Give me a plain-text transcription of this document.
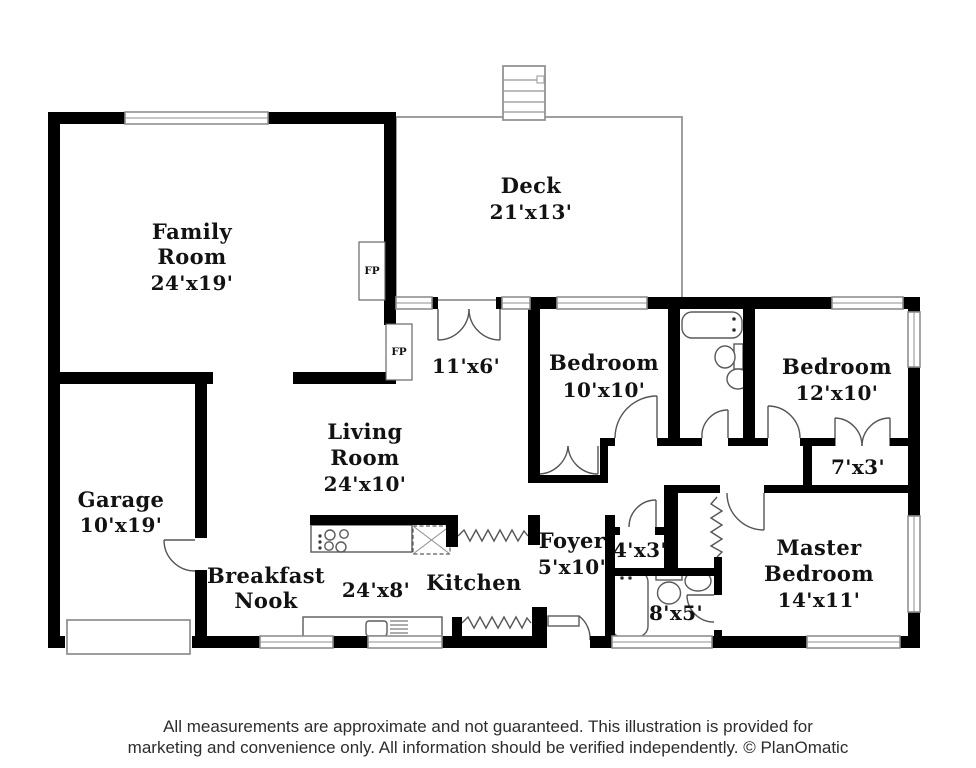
FP
FP
Family
Room
24'x19'
Deck
21'x13'
Garage
10'x19'
Living
Room
24'x10'
Breakfast
Nook 24'x8' Kitchen
Foyer
5'x10'
11'x6' Bedroom
10'x10'
Bedroom
12'x10'
7'x3'
Master
Bedroom
14'x11'
4'x3'
8'x5'
All measurements are approximate and not guaranteed. This illustration is provided for
marketing and convenience only. All information should be verified independently. © PlanOmatic
